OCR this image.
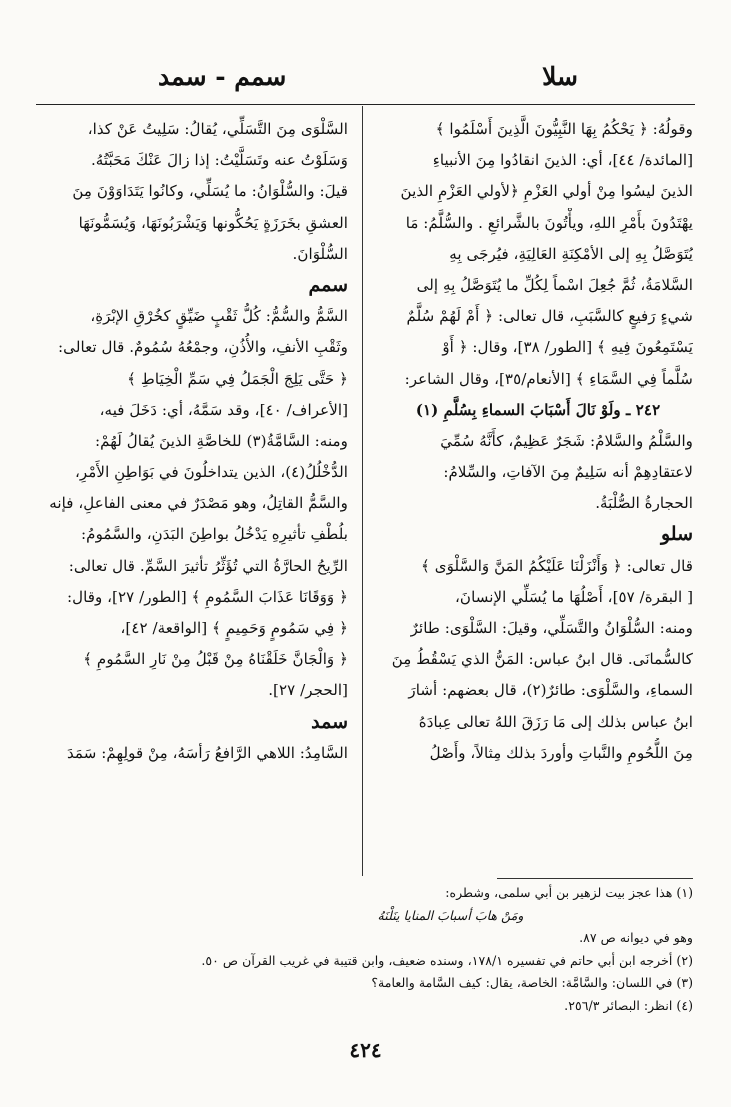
سلا
سمم - سمد
وقولُهُ: ﴿ يَحْكُمُ بِهَا النَّبِيُّونَ الَّذِينَ أَسْلَمُوا ﴾
[المائدة/ ٤٤]، أي: الذينَ انقادُوا مِنَ الأنبياءِ
الذينَ ليسُوا مِنْ أولي العَزْمِ ﴿لأولي العَزْمِ الذينَ
يهْتَدُونَ بأَمْرِ اللهِ، ويأْتُونَ بالشَّرائعِ . والسُّلَّمُ: مَا
يُتَوَصَّلُ بِهِ إلى الأمْكِنَةِ العَالِيَةِ، فيُرجَى بِهِ
السَّلامَةُ، ثُمَّ جُعِلَ اسْماً لِكُلِّ ما يُتَوَصَّلُ بِهِ إلى
شيءٍ رَفيعٍ كالسَّبَبِ، قال تعالى: ﴿ أَمْ لَهُمْ سُلَّمٌ
يَسْتَمِعُونَ فِيهِ ﴾ [الطور/ ٣٨]، وقال: ﴿ أَوْ
سُلَّماً فِي السَّمَاءِ ﴾ [الأنعام/٣٥]، وقال الشاعر:
٢٤٢ ـ ولَوْ نَالَ أَسْبَابَ السماءِ بِسُلَّمِ (١)
والسَّلْمُ والسَّلامُ: شَجَرٌ عَظِيمٌ، كأَنَّهُ سُمِّيَ
لاعتقادِهِمْ أنه سَلِيمٌ مِنَ الآفاتِ، والسِّلامُ:
الحجارةُ الصُّلْبَةُ.
سلو
قال تعالى: ﴿ وَأَنْزَلْنَا عَلَيْكُمُ المَنَّ وَالسَّلْوَى ﴾
[ البقرة/ ٥٧]، أَصْلُهَا ما يُسَلِّي الإنسانَ،
ومنه: السُّلْوَانُ والتَّسَلِّي، وقيلَ: السَّلْوَى: طائرٌ
كالسُّمانَى. قال ابنُ عباس: المَنُّ الذي يَسْقُطُ مِنَ
السماءِ، والسَّلْوَى: طائرٌ(٢)، قال بعضهم: أشارَ
ابنُ عباس بذلك إلى مَا رَزَقَ اللهُ تعالى عِبادَهُ
مِنَ اللُّحُومِ والنَّباتِ وأوردَ بذلك مِثالاً، وأَصْلُ
السَّلْوَى مِنَ التَّسَلِّي، يُقالُ: سَلِيتُ عَنْ كذا،
وَسَلَوْتُ عنه وتَسَلَّيْتُ: إذا زالَ عَنْكَ مَحَبَّتُهُ.
قيلَ: والسُّلْوَانُ: ما يُسَلِّي، وكانُوا يَتَدَاوَوْنَ مِنَ
العشقِ بخَرَزَةٍ يَحُكُّونها وَيَشْرَبُونَهَا، وَيُسَمُّونَهَا
السُّلْوَانَ.
سمم
السَّمُّ والسُّمُّ: كُلُّ ثَقْبٍ ضَيِّقٍ كخُرْقِ الإبْرَةِ،
وثَقْبِ الأنفِ، والأُذُنِ، وجمْعُهُ سُمُومٌ. قال تعالى:
﴿ حَتَّى يَلِجَ الْجَمَلُ فِي سَمِّ الْخِيَاطِ ﴾
[الأعراف/ ٤٠]، وقد سَمَّهُ، أي: دَخَلَ فيه،
ومنه: السَّامَّةُ(٣) للخاصَّةِ الذينَ يُقالُ لَهُمْ:
الدُّخْلُلُ(٤)، الذين يتداخلُونَ في بَوَاطِنِ الأَمْرِ،
والسَّمُّ القاتِلُ، وهو مَصْدَرٌ في معنى الفاعلِ، فإنه
بلُطْفِ تأثيرِهِ يَدْخُلُ بواطِنَ البَدَنِ، والسَّمُومُ:
الرِّيحُ الحارَّةُ التي تُؤَثِّرُ تأثيرَ السَّمِّ. قال تعالى:
﴿ وَوَقَانَا عَذَابَ السَّمُومِ ﴾ [الطور/ ٢٧]، وقال:
﴿ فِي سَمُومٍ وَحَمِيمٍ ﴾ [الواقعة/ ٤٢]،
﴿ وَالْجَانَّ خَلَقْنَاهُ مِنْ قَبْلُ مِنْ نَارِ السَّمُومِ ﴾
[الحجر/ ٢٧].
سمد
السَّامِدُ: اللاهي الرَّافعُ رَأسَهُ، مِنْ قولِهِمْ: سَمَدَ
(١) هذا عجز بيت لزهير بن أبي سلمى، وشطره:
ومَنْ هابَ أسبابَ المنايا ينَلْنَهُ
وهو في ديوانه ص ٨٧.
(٢) أخرجه ابن أبي حاتم في تفسيره ١٧٨/١، وسنده ضعيف، وابن قتيبة في غريب القرآن ص ٥٠.
(٣) في اللسان: والسَّامَّة: الخاصة، يقال: كيف السَّامة والعامة؟
(٤) انظر: البصائر ٢٥٦/٣.
٤٢٤
